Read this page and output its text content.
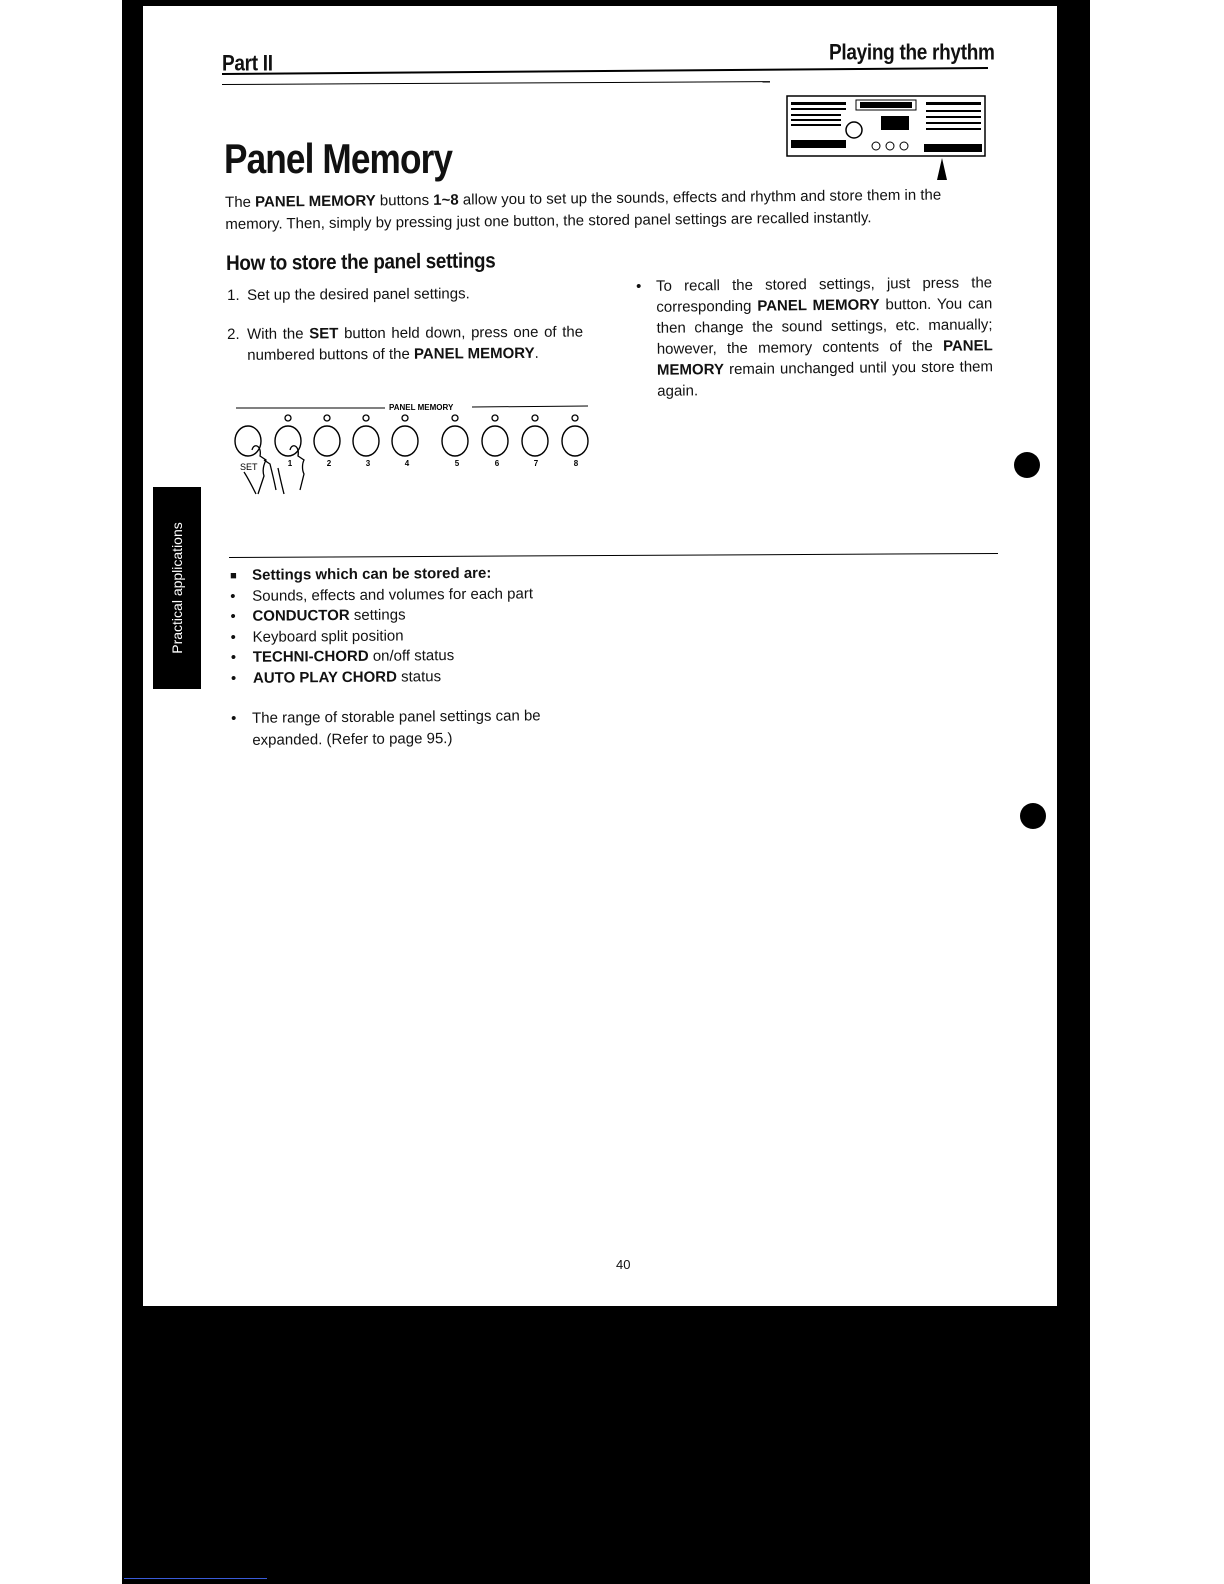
Part II	Playing the rhythm
Panel Memory
The PANEL MEMORY buttons 1~8 allow you to set up the sounds, effects and rhythm and store them in the memory. Then, simply by pressing just one button, the stored panel settings are recalled instantly.
How to store the panel settings
1. Set up the desired panel settings.
2. With the SET button held down, press one of the numbered buttons of the PANEL MEMORY.
PANEL MEMORY
SET	1	2	3	4	5	6	7	8
• To recall the stored settings, just press the corresponding PANEL MEMORY button. You can then change the sound settings, etc. manually; however, the memory contents of the PANEL MEMORY remain unchanged until you store them again.
Practical applications	■	Settings which can be stored are:
•	Sounds, effects and volumes for each part
•	CONDUCTOR settings
•	Keyboard split position
•	TECHNI-CHORD on/off status
•	AUTO PLAY CHORD status
• The range of storable panel settings can be expanded. (Refer to page 95.)
40
